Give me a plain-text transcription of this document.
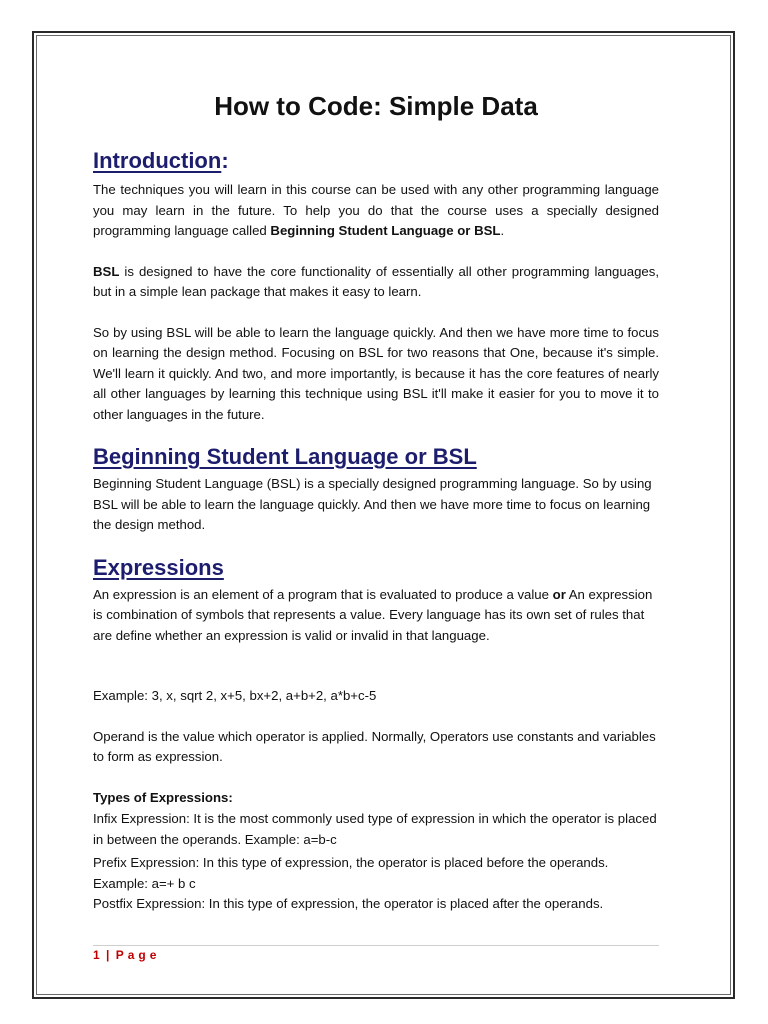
How to Code: Simple Data
Introduction:

The techniques you will learn in this course can be used with any other programming language you may learn in the future. To help you do that the course uses a specially designed programming language called Beginning Student Language or BSL.

BSL is designed to have the core functionality of essentially all other programming languages, but in a simple lean package that makes it easy to learn.

So by using BSL will be able to learn the language quickly. And then we have more time to focus on learning the design method. Focusing on BSL for two reasons that One, because it's simple. We'll learn it quickly. And two, and more importantly, is because it has the core features of nearly all other languages by learning this technique using BSL it'll make it easier for you to move it to other languages in the future.

Beginning Student Language or BSL

Beginning Student Language (BSL) is a specially designed programming language. So by using BSL will be able to learn the language quickly. And then we have more time to focus on learning the design method.

Expressions

An expression is an element of a program that is evaluated to produce a value or An expression is combination of symbols that represents a value. Every language has its own set of rules that are define whether an expression is valid or invalid in that language.

Example: 3, x, sqrt 2, x+5, bx+2, a+b+2, a*b+c-5

Operand is the value which operator is applied. Normally, Operators use constants and variables to form as expression.

Types of Expressions:

Infix Expression: It is the most commonly used type of expression in which the operator is placed in between the operands. Example: a=b-c

Prefix Expression: In this type of expression, the operator is placed before the operands. Example: a=+ b c

Postfix Expression: In this type of expression, the operator is placed after the operands.

1 | Page
